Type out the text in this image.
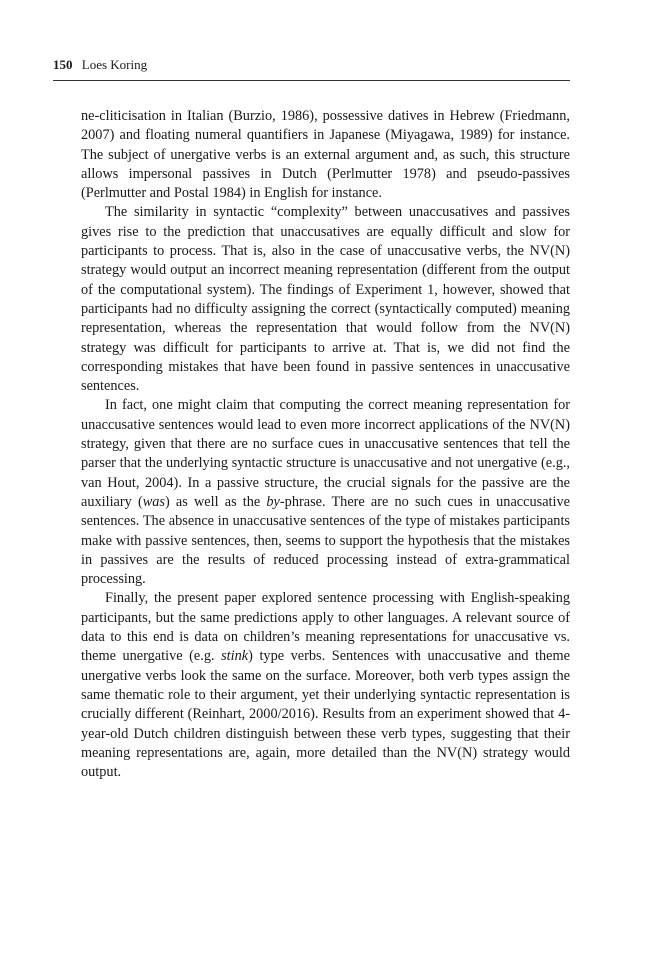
150 Loes Koring

ne-cliticisation in Italian (Burzio, 1986), possessive datives in Hebrew (Friedmann, 2007) and floating numeral quantifiers in Japanese (Miyagawa, 1989) for instance. The subject of unergative verbs is an external argument and, as such, this structure allows impersonal passives in Dutch (Perlmutter 1978) and pseudo-passives (Perlmutter and Postal 1984) in English for instance.

The similarity in syntactic “complexity” between unaccusatives and passives gives rise to the prediction that unaccusatives are equally difficult and slow for participants to process. That is, also in the case of unaccusative verbs, the NV(N) strategy would output an incorrect meaning representation (different from the output of the computational system). The findings of Experiment 1, however, showed that participants had no difficulty assigning the correct (syntactically computed) meaning representation, whereas the representation that would follow from the NV(N) strategy was difficult for participants to arrive at. That is, we did not find the corresponding mistakes that have been found in passive sentences in unaccusative sentences.

In fact, one might claim that computing the correct meaning representation for unaccusative sentences would lead to even more incorrect applications of the NV(N) strategy, given that there are no surface cues in unaccusative sentences that tell the parser that the underlying syntactic structure is unaccusative and not unergative (e.g., van Hout, 2004). In a passive structure, the crucial signals for the passive are the auxiliary (was) as well as the by-phrase. There are no such cues in unaccusative sentences. The absence in unaccusative sentences of the type of mistakes participants make with passive sentences, then, seems to support the hypothesis that the mistakes in passives are the results of reduced processing instead of extra-grammatical processing.

Finally, the present paper explored sentence processing with English-speaking participants, but the same predictions apply to other languages. A relevant source of data to this end is data on children’s meaning representations for unaccusative vs. theme unergative (e.g. stink) type verbs. Sentences with unaccusative and theme unergative verbs look the same on the surface. Moreover, both verb types assign the same thematic role to their argument, yet their underlying syntactic representation is crucially different (Reinhart, 2000/2016). Results from an experiment showed that 4-year-old Dutch children distinguish between these verb types, suggesting that their meaning representations are, again, more detailed than the NV(N) strategy would output.
